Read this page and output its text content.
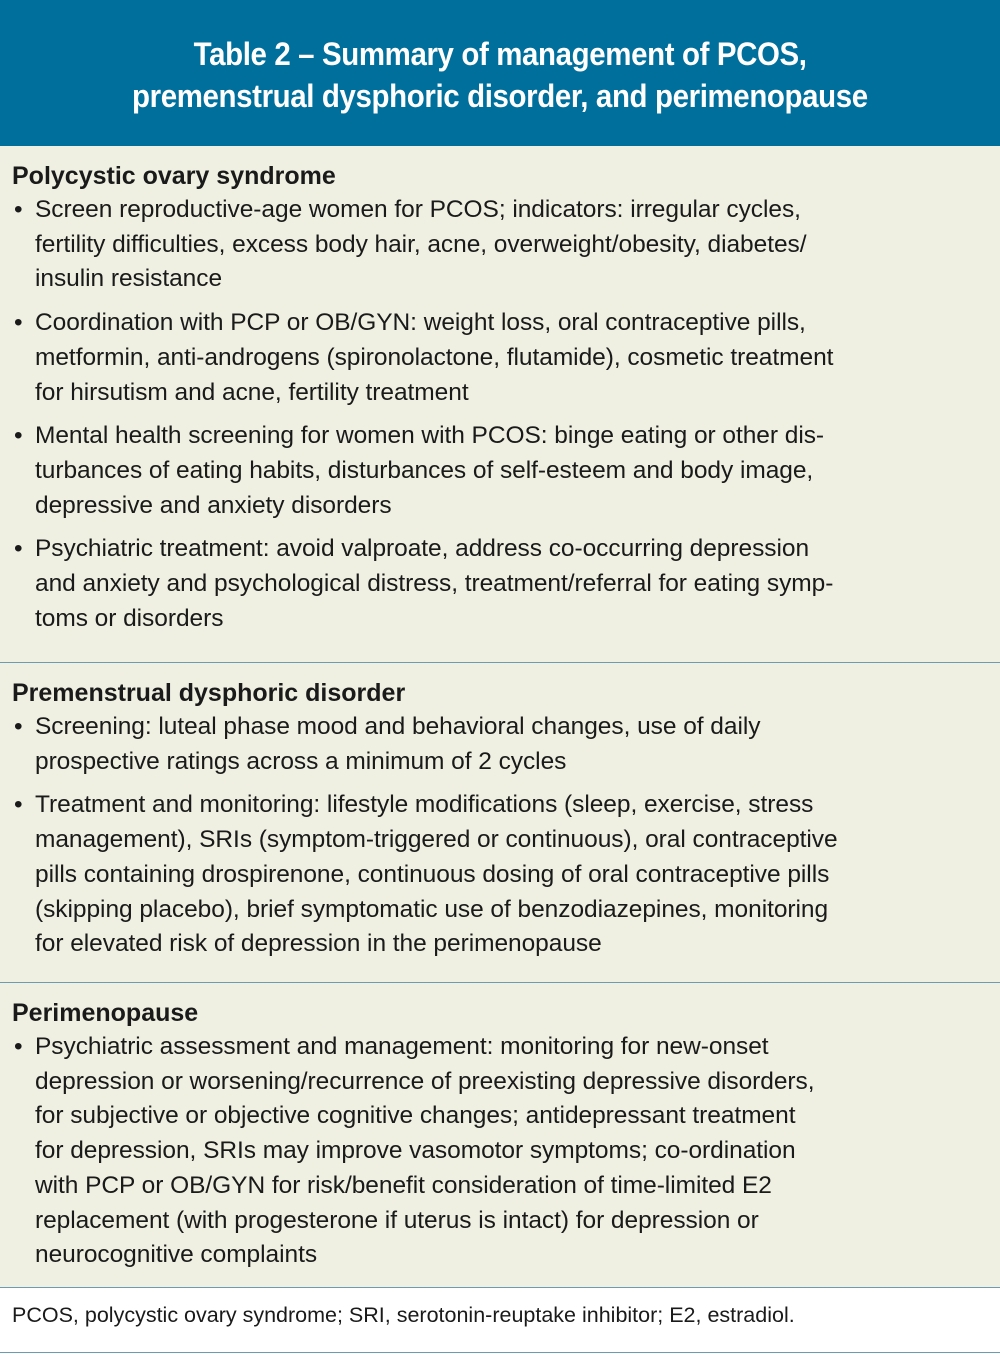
Table 2 – Summary of management of PCOS,
premenstrual dysphoric disorder, and perimenopause
Polycystic ovary syndrome
• Screen reproductive-age women for PCOS; indicators: irregular cycles,
fertility difficulties, excess body hair, acne, overweight/obesity, diabetes/
insulin resistance
• Coordination with PCP or OB/GYN: weight loss, oral contraceptive pills,
metformin, anti-androgens (spironolactone, flutamide), cosmetic treatment
for hirsutism and acne, fertility treatment
• Mental health screening for women with PCOS: binge eating or other dis-
turbances of eating habits, disturbances of self-esteem and body image,
depressive and anxiety disorders
• Psychiatric treatment: avoid valproate, address co-occurring depression
and anxiety and psychological distress, treatment/referral for eating symp-
toms or disorders
Premenstrual dysphoric disorder
• Screening: luteal phase mood and behavioral changes, use of daily
prospective ratings across a minimum of 2 cycles
• Treatment and monitoring: lifestyle modifications (sleep, exercise, stress
management), SRIs (symptom-triggered or continuous), oral contraceptive
pills containing drospirenone, continuous dosing of oral contraceptive pills
(skipping placebo), brief symptomatic use of benzodiazepines, monitoring
for elevated risk of depression in the perimenopause
Perimenopause
• Psychiatric assessment and management: monitoring for new-onset
depression or worsening/recurrence of preexisting depressive disorders,
for subjective or objective cognitive changes; antidepressant treatment
for depression, SRIs may improve vasomotor symptoms; co-ordination
with PCP or OB/GYN for risk/benefit consideration of time-limited E2
replacement (with progesterone if uterus is intact) for depression or
neurocognitive complaints
PCOS, polycystic ovary syndrome; SRI, serotonin-reuptake inhibitor; E2, estradiol.
